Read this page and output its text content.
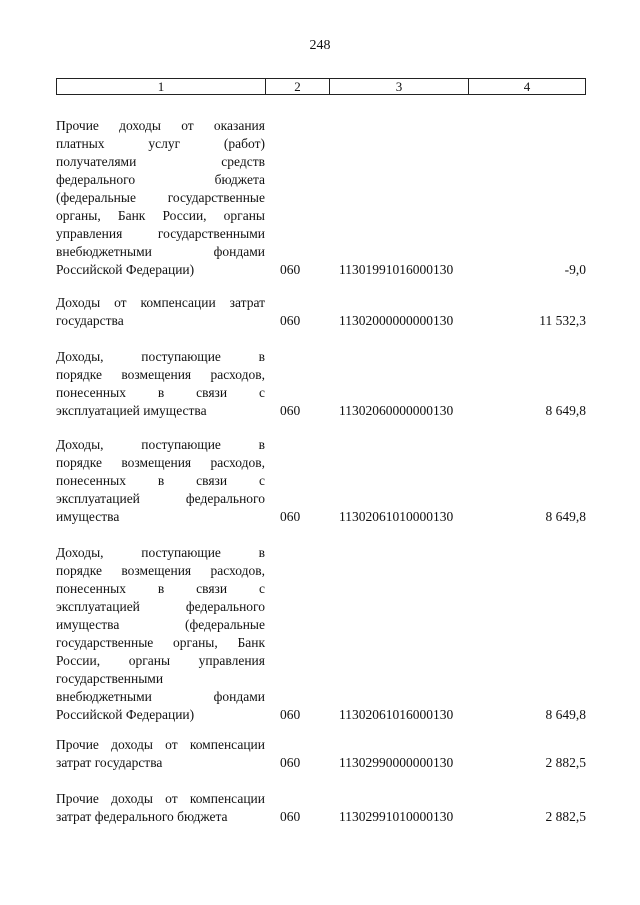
248
1	2	3	4
Прочие доходы от оказания
платных услуг (работ)
получателями средств
федерального бюджета
(федеральные государственные
органы, Банк России, органы
управления государственными
внебюджетными фондами
Российской Федерации)	060	11301991016000130	-9,0
Доходы от компенсации затрат
государства	060	11302000000000130	11 532,3
Доходы, поступающие в
порядке возмещения расходов,
понесенных в связи с
эксплуатацией имущества	060	11302060000000130	8 649,8
Доходы, поступающие в
порядке возмещения расходов,
понесенных в связи с
эксплуатацией федерального
имущества	060	11302061010000130	8 649,8
Доходы, поступающие в
порядке возмещения расходов,
понесенных в связи с
эксплуатацией федерального
имущества (федеральные
государственные органы, Банк
России, органы управления
государственными
внебюджетными фондами
Российской Федерации)	060	11302061016000130	8 649,8
Прочие доходы от компенсации
затрат государства	060	11302990000000130	2 882,5
Прочие доходы от компенсации
затрат федерального бюджета	060	11302991010000130	2 882,5
